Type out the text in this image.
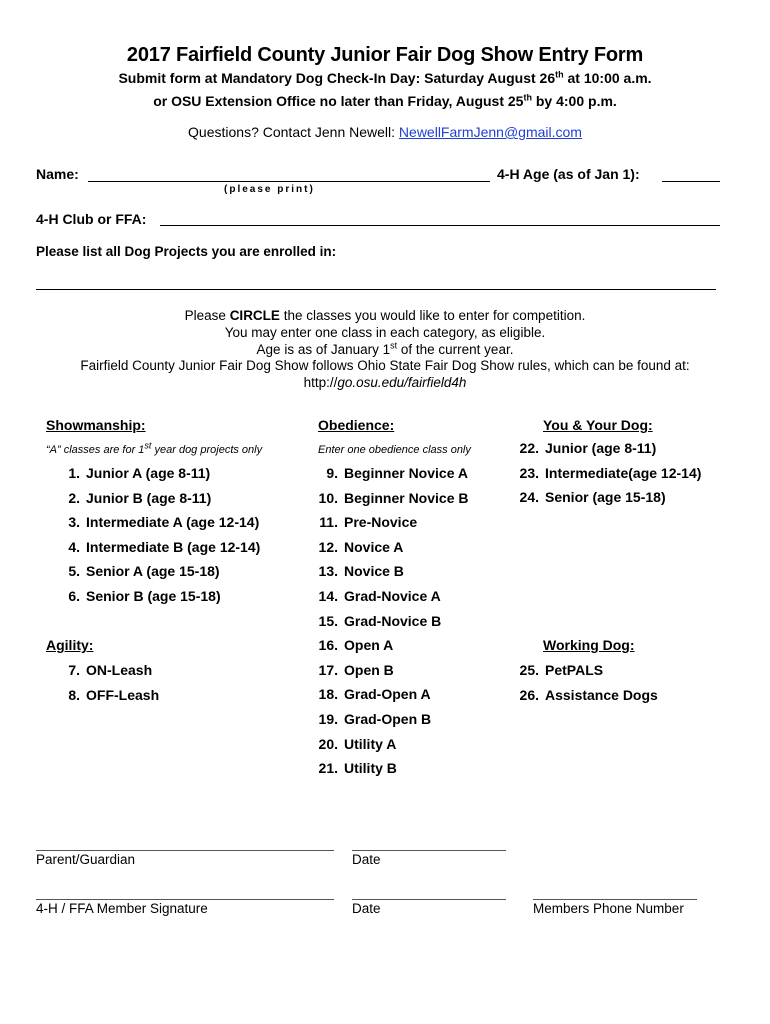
2017 Fairfield County Junior Fair Dog Show Entry Form
Submit form at Mandatory Dog Check-In Day: Saturday August 26th at 10:00 a.m.
or OSU Extension Office no later than Friday, August 25th by 4:00 p.m.
Questions? Contact Jenn Newell: NewellFarmJenn@gmail.com
Name:
(please print)
4-H Age (as of Jan 1):
4-H Club or FFA:
Please list all Dog Projects you are enrolled in:
Please CIRCLE the classes you would like to enter for competition.
You may enter one class in each category, as eligible.
Age is as of January 1st of the current year.
Fairfield County Junior Fair Dog Show follows Ohio State Fair Dog Show rules, which can be found at:
http://go.osu.edu/fairfield4h
Showmanship:	Obedience:	You & Your Dog:
“A” classes are for 1st year dog projects only	Enter one obedience class only
1. Junior A (age 8-11)
2. Junior B (age 8-11)
3. Intermediate A (age 12-14)
4. Intermediate B (age 12-14)
5. Senior A (age 15-18)
6. Senior B (age 15-18)
Agility:
7. ON-Leash
8. OFF-Leash
9. Beginner Novice A
10. Beginner Novice B
11. Pre-Novice
12. Novice A
13. Novice B
14. Grad-Novice A
15. Grad-Novice B
16. Open A
17. Open B
18. Grad-Open A
19. Grad-Open B
20. Utility A
21. Utility B
22. Junior (age 8-11)
23. Intermediate(age 12-14)
24. Senior (age 15-18)
Working Dog:
25. PetPALS
26. Assistance Dogs
Parent/Guardian	Date
4-H / FFA Member Signature	Date	Members Phone Number
